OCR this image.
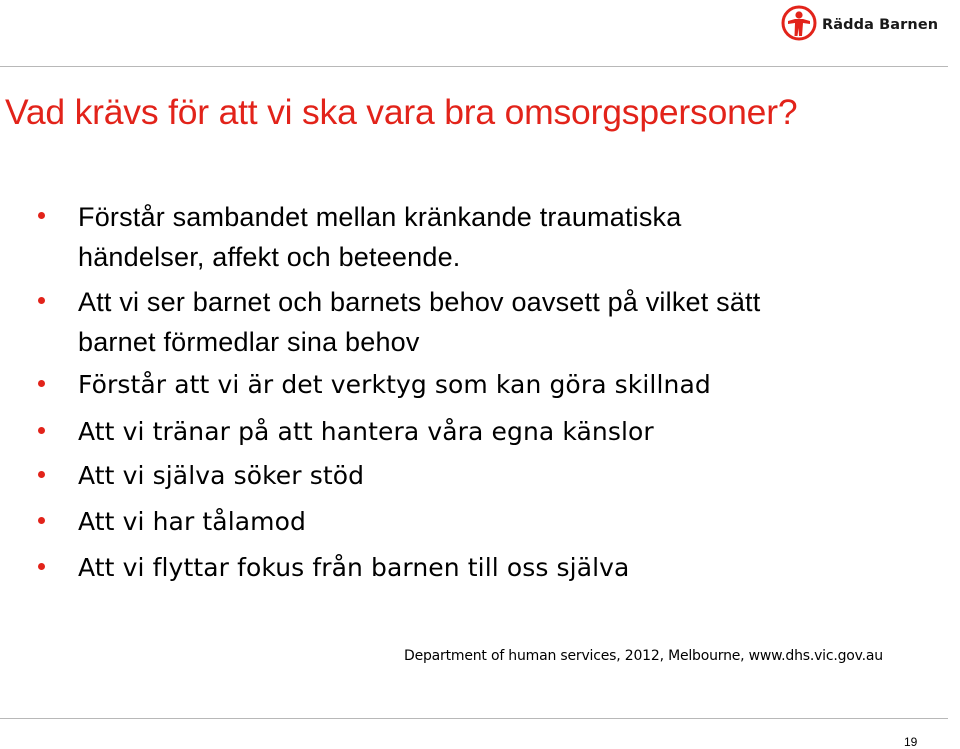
Rädda Barnen
Vad krävs för att vi ska vara bra omsorgspersoner?
Förstår sambandet mellan kränkande traumatiska
händelser, affekt och beteende.
Att vi ser barnet och barnets behov oavsett på vilket sätt
barnet förmedlar sina behov
Förstår att vi är det verktyg som kan göra skillnad
Att vi tränar på att hantera våra egna känslor
Att vi själva söker stöd
Att vi har tålamod
Att vi flyttar fokus från barnen till oss själva
Department of human services, 2012, Melbourne, www.dhs.vic.gov.au
19
